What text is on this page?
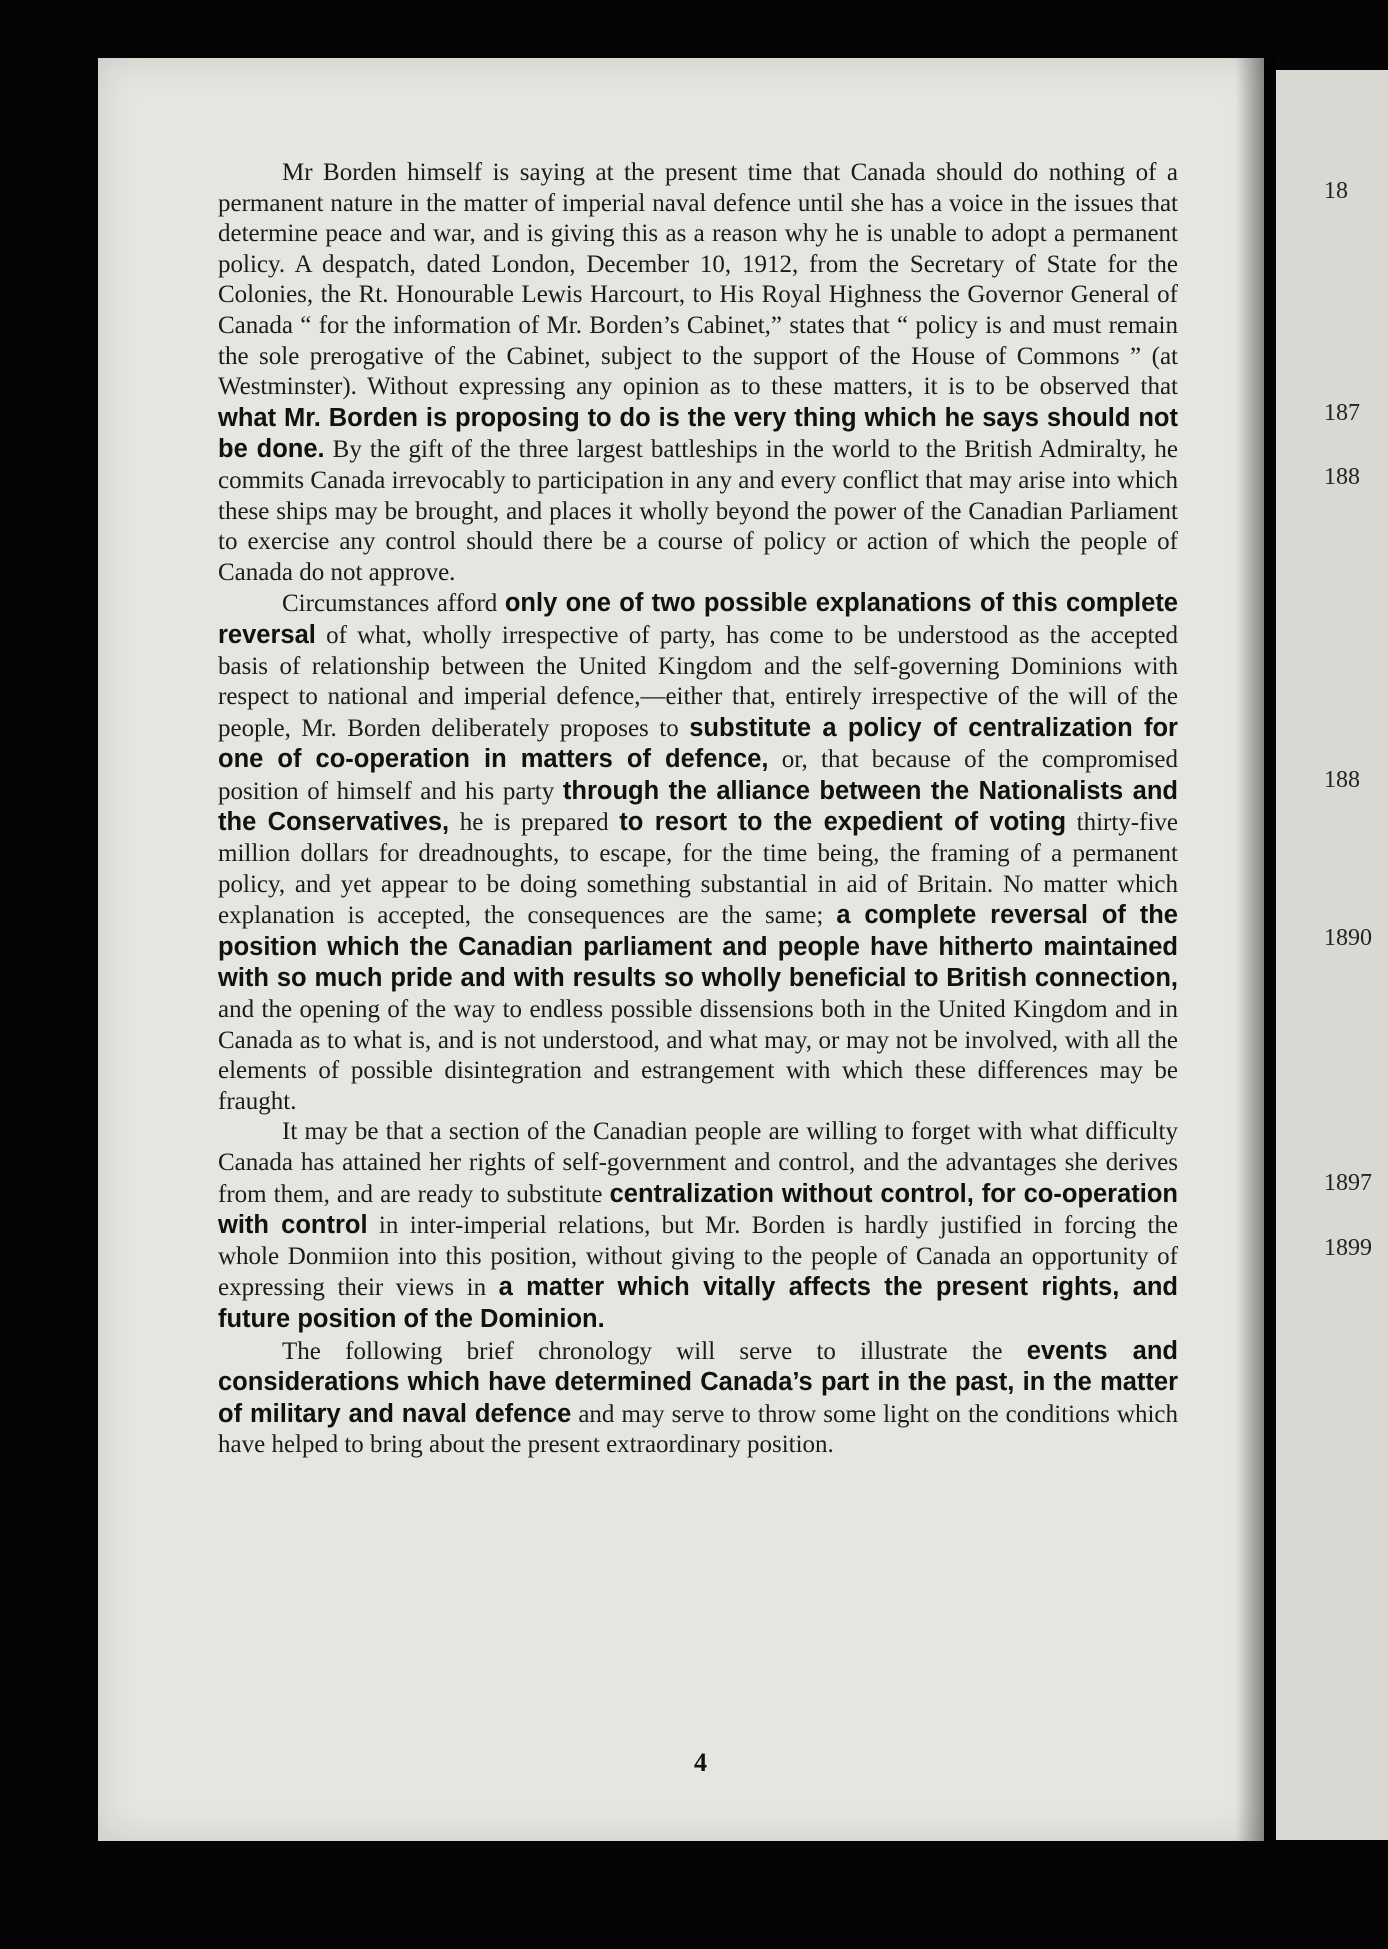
18
187
188
188
1890
1897
1899

Mr Borden himself is saying at the present time that Canada should do nothing of a permanent nature in the matter of imperial naval defence until she has a voice in the issues that determine peace and war, and is giving this as a reason why he is unable to adopt a permanent policy. A despatch, dated London, December 10, 1912, from the Secretary of State for the Colonies, the Rt. Honourable Lewis Harcourt, to His Royal Highness the Governor General of Canada “ for the information of Mr. Borden’s Cabinet,” states that “ policy is and must remain the sole prerogative of the Cabinet, subject to the support of the House of Commons ” (at Westminster). Without expressing any opinion as to these matters, it is to be observed that what Mr. Borden is proposing to do is the very thing which he says should not be done. By the gift of the three largest battleships in the world to the British Admiralty, he commits Canada irrevocably to participation in any and every conflict that may arise into which these ships may be brought, and places it wholly beyond the power of the Canadian Parliament to exercise any control should there be a course of policy or action of which the people of Canada do not approve.

Circumstances afford only one of two possible explanations of this complete reversal of what, wholly irrespective of party, has come to be understood as the accepted basis of relationship between the United Kingdom and the self-governing Dominions with respect to national and imperial defence,—either that, entirely irrespective of the will of the people, Mr. Borden deliberately proposes to substitute a policy of centralization for one of co-operation in matters of defence, or, that because of the compromised position of himself and his party through the alliance between the Nationalists and the Conservatives, he is prepared to resort to the expedient of voting thirty-five million dollars for dreadnoughts, to escape, for the time being, the framing of a permanent policy, and yet appear to be doing something substantial in aid of Britain. No matter which explanation is accepted, the consequences are the same; a complete reversal of the position which the Canadian parliament and people have hitherto maintained with so much pride and with results so wholly beneficial to British connection, and the opening of the way to endless possible dissensions both in the United Kingdom and in Canada as to what is, and is not understood, and what may, or may not be involved, with all the elements of possible disintegration and estrangement with which these differences may be fraught.

It may be that a section of the Canadian people are willing to forget with what difficulty Canada has attained her rights of self-government and control, and the advantages she derives from them, and are ready to substitute centralization without control, for co-operation with control in inter-imperial relations, but Mr. Borden is hardly justified in forcing the whole Donmiion into this position, without giving to the people of Canada an opportunity of expressing their views in a matter which vitally affects the present rights, and future position of the Dominion.

The following brief chronology will serve to illustrate the events and considerations which have determined Canada’s part in the past, in the matter of military and naval defence and may serve to throw some light on the conditions which have helped to bring about the present extraordinary position.

4
